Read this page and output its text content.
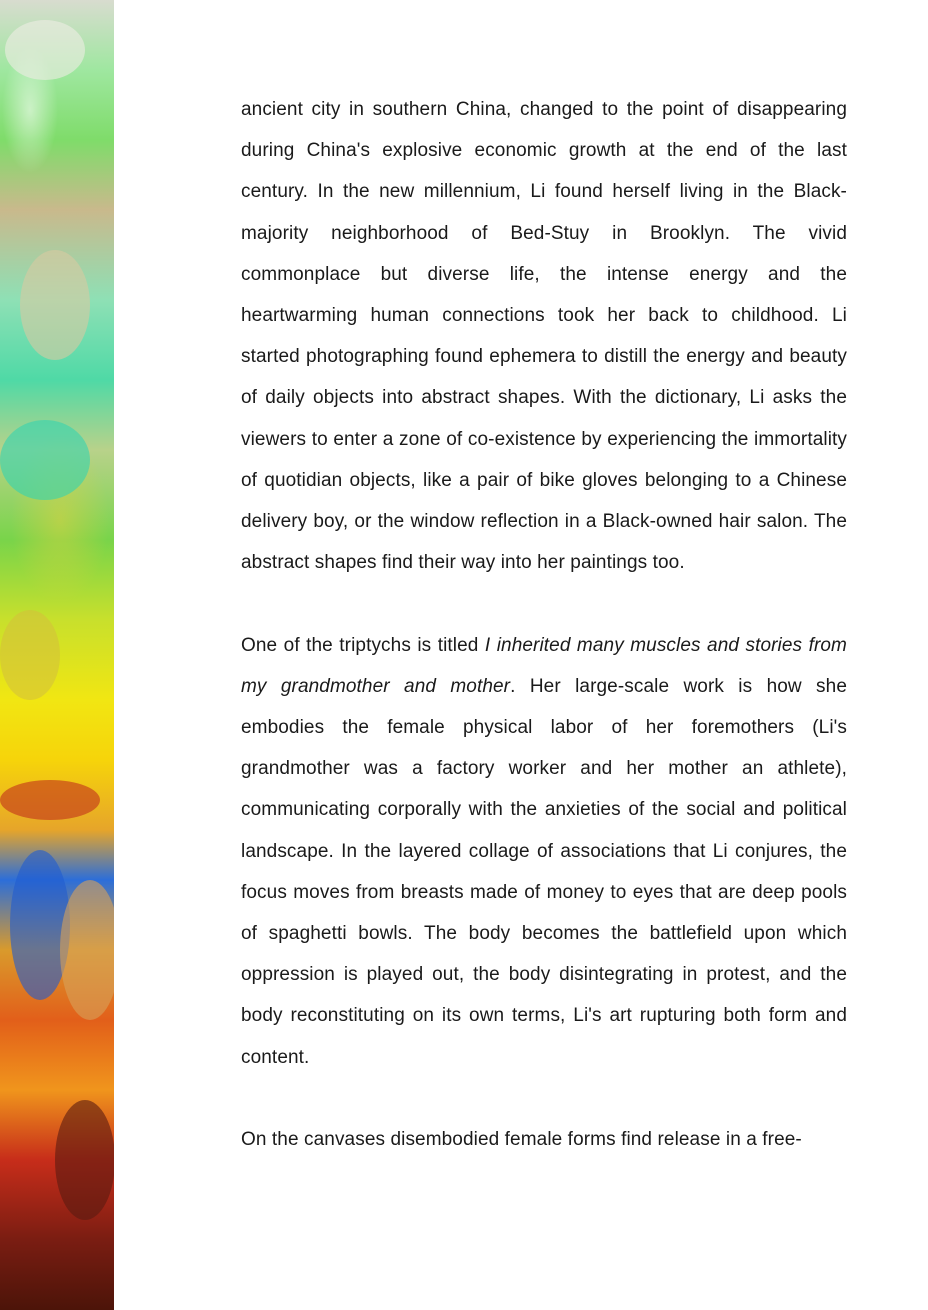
ancient city in southern China, changed to the point of disappearing during China's explosive economic growth at the end of the last century. In the new millennium, Li found herself living in the Black-majority neighborhood of Bed-Stuy in Brooklyn. The vivid commonplace but diverse life, the intense energy and the heartwarming human connections took her back to childhood. Li started photographing found ephemera to distill the energy and beauty of daily objects into abstract shapes. With the dictionary, Li asks the viewers to enter a zone of co-existence by experiencing the immortality of quotidian objects, like a pair of bike gloves belonging to a Chinese delivery boy, or the window reflection in a Black-owned hair salon. The abstract shapes find their way into her paintings too.

One of the triptychs is titled I inherited many muscles and stories from my grandmother and mother. Her large-scale work is how she embodies the female physical labor of her foremothers (Li's grandmother was a factory worker and her mother an athlete), communicating corporally with the anxieties of the social and political landscape. In the layered collage of associations that Li conjures, the focus moves from breasts made of money to eyes that are deep pools of spaghetti bowls. The body becomes the battlefield upon which oppression is played out, the body disintegrating in protest, and the body reconstituting on its own terms, Li's art rupturing both form and content.

On the canvases disembodied female forms find release in a free-
